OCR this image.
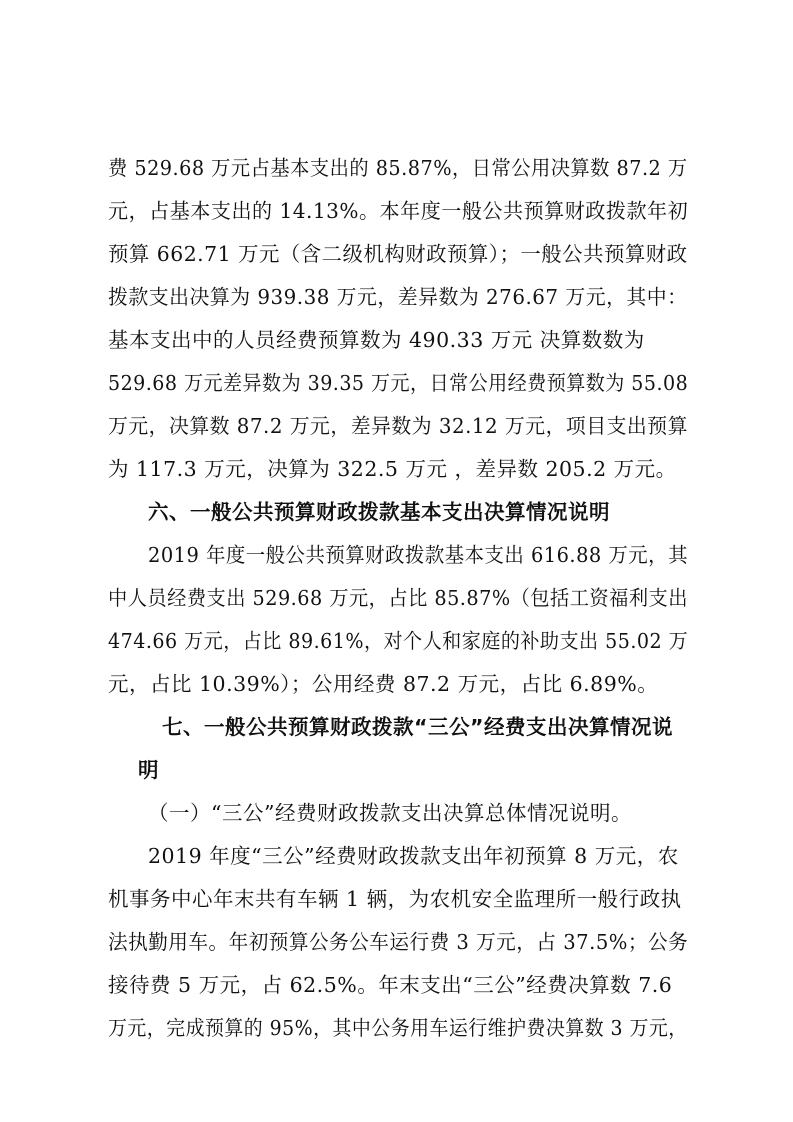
费 529.68 万元占基本支出的 85.87%，日常公用决算数 87.2 万
元，占基本支出的 14.13%。本年度一般公共预算财政拨款年初
预算 662.71 万元（含二级机构财政预算）；一般公共预算财政
拨款支出决算为 939.38 万元，差异数为 276.67 万元，其中：
基本支出中的人员经费预算数为 490.33 万元 决算数数为
529.68 万元差异数为 39.35 万元，日常公用经费预算数为 55.08
万元，决算数 87.2 万元，差异数为 32.12 万元，项目支出预算
为 117.3 万元，决算为 322.5 万元 ，差异数 205.2 万元。
六、一般公共预算财政拨款基本支出决算情况说明
2019 年度一般公共预算财政拨款基本支出 616.88 万元，其
中人员经费支出 529.68 万元，占比 85.87%（包括工资福利支出
474.66 万元，占比 89.61%，对个人和家庭的补助支出 55.02 万
元，占比 10.39%）；公用经费 87.2 万元，占比 6.89%。
七、一般公共预算财政拨款“三公”经费支出决算情况说
明
（一）“三公”经费财政拨款支出决算总体情况说明。
2019 年度“三公”经费财政拨款支出年初预算 8 万元，农
机事务中心年末共有车辆 1 辆，为农机安全监理所一般行政执
法执勤用车。年初预算公务公车运行费 3 万元，占 37.5%；公务
接待费 5 万元，占 62.5%。年末支出“三公”经费决算数 7.6
万元，完成预算的 95%，其中公务用车运行维护费决算数 3 万元，
